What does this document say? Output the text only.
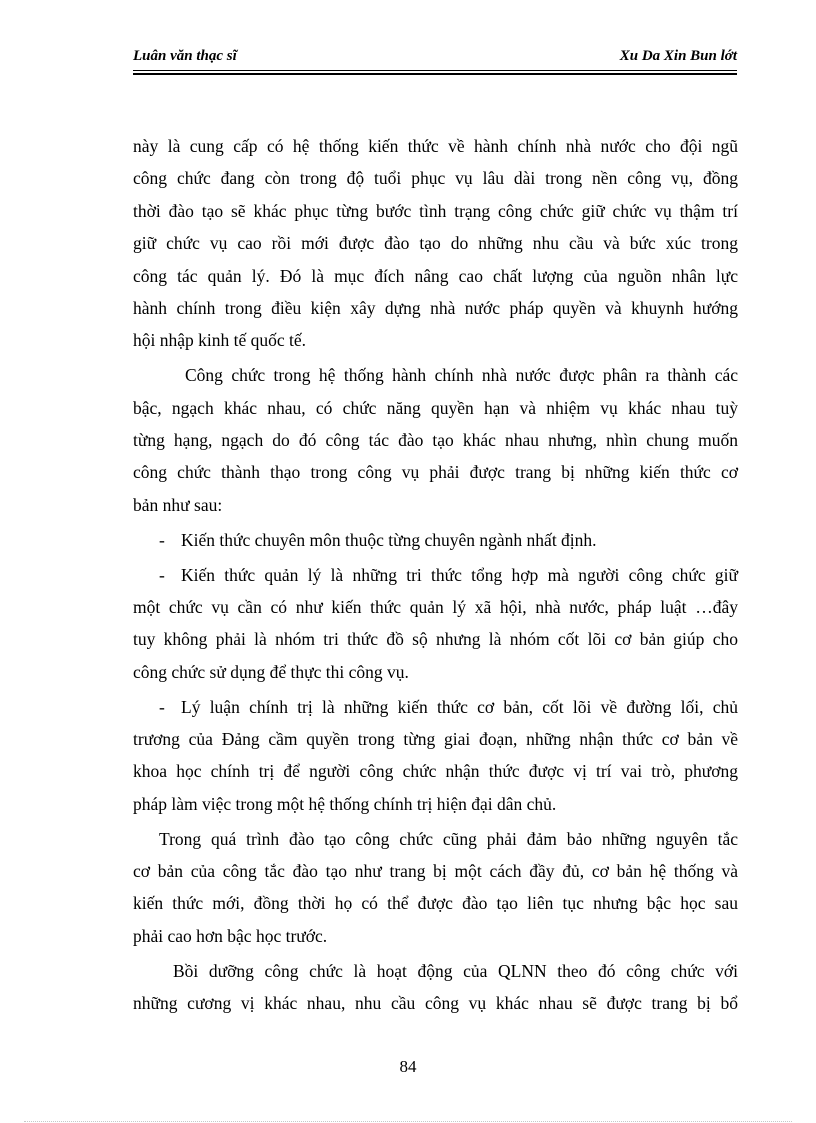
Luân văn thạc sĩ	Xu Da Xin Bun lớt
này là cung cấp có hệ thống kiến thức về hành chính nhà nước cho đội ngũ
công chức đang còn trong độ tuổi phục vụ lâu dài trong nền công vụ, đồng
thời đào tạo sẽ khác phục từng bước tình trạng công chức giữ chức vụ thậm trí
giữ chức vụ cao rồi mới được đào tạo do những nhu cầu và bức xúc trong
công tác quản lý. Đó là mục đích nâng cao chất lượng của nguồn nhân lực
hành chính trong điều kiện xây dựng nhà nước pháp quyền và khuynh hướng
hội nhập kinh tế quốc tế.
Công chức trong hệ thống hành chính nhà nước được phân ra thành các
bậc, ngạch khác nhau, có chức năng quyền hạn và nhiệm vụ khác nhau tuỳ
từng hạng, ngạch do đó công tác đào tạo khác nhau nhưng, nhìn chung muốn
công chức thành thạo trong công vụ phải được trang bị những kiến thức cơ
bản như sau:
- Kiến thức chuyên môn thuộc từng chuyên ngành nhất định.
- Kiến thức quản lý là những tri thức tổng hợp mà người công chức giữ
một chức vụ cần có như kiến thức quản lý xã hội, nhà nước, pháp luật …đây
tuy không phải là nhóm tri thức đồ sộ nhưng là nhóm cốt lõi cơ bản giúp cho
công chức sử dụng để thực thi công vụ.
- Lý luận chính trị là những kiến thức cơ bản, cốt lõi về đường lối, chủ
trương của Đảng cầm quyền trong từng giai đoạn, những nhận thức cơ bản về
khoa học chính trị để người công chức nhận thức được vị trí vai trò, phương
pháp làm việc trong một hệ thống chính trị hiện đại dân chủ.
Trong quá trình đào tạo công chức cũng phải đảm bảo những nguyên tắc
cơ bản của công tắc đào tạo như trang bị một cách đầy đủ, cơ bản hệ thống và
kiến thức mới, đồng thời họ có thể được đào tạo liên tục nhưng bậc học sau
phải cao hơn bậc học trước.
Bồi dưỡng công chức là hoạt động của QLNN theo đó công chức với
những cương vị khác nhau, nhu cầu công vụ khác nhau sẽ được trang bị bổ
84
